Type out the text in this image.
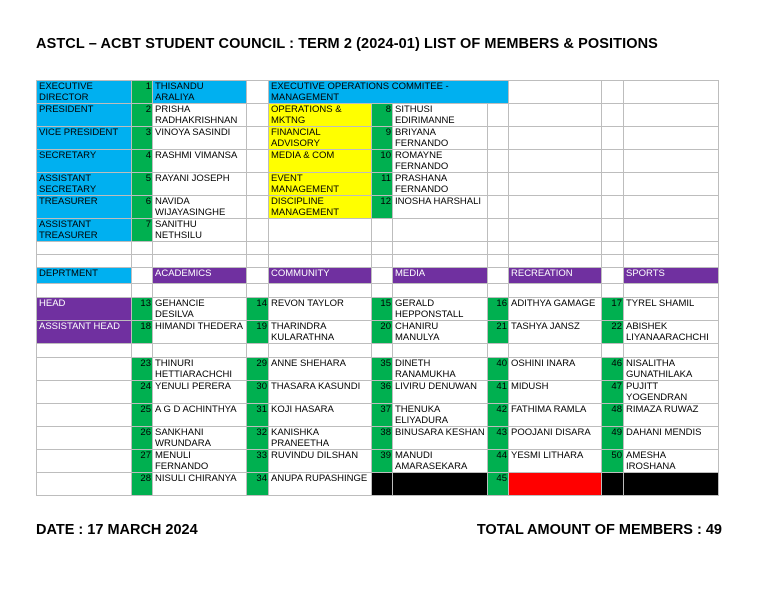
ASTCL – ACBT STUDENT COUNCIL : TERM 2 (2024-01) LIST OF MEMBERS & POSITIONS
EXECUTIVE DIRECTOR	1	THISANDU ARALIYA		EXECUTIVE OPERATIONS COMMITEE - MANAGEMENT						
PRESIDENT	2	PRISHA RADHAKRISHNAN		OPERATIONS & MKTNG	8	SITHUSI EDIRIMANNE				
VICE PRESIDENT	3	VINOYA SASINDI		FINANCIAL ADVISORY	9	BRIYANA FERNANDO				
SECRETARY	4	RASHMI VIMANSA		MEDIA & COM	10	ROMAYNE FERNANDO				
ASSISTANT SECRETARY	5	RAYANI JOSEPH		EVENT MANAGEMENT	11	PRASHANA FERNANDO				
TREASURER	6	NAVIDA WIJAYASINGHE		DISCIPLINE MANAGEMENT	12	INOSHA HARSHALI				
ASSISTANT TREASURER	7	SANITHU NETHSILU								

DEPRTMENT		ACADEMICS		COMMUNITY		MEDIA		RECREATION		SPORTS

HEAD	13	GEHANCIE DESILVA	14	REVON TAYLOR	15	GERALD HEPPONSTALL	16	ADITHYA GAMAGE	17	TYREL SHAMIL
ASSISTANT HEAD	18	HIMANDI THEDERA	19	THARINDRA KULARATHNA	20	CHANIRU MANULYA	21	TASHYA JANSZ	22	ABISHEK LIYANAARACHCHI

	23	THINURI HETTIARACHCHI	29	ANNE SHEHARA	35	DINETH RANAMUKHA	40	OSHINI INARA	46	NISALITHA GUNATHILAKA
	24	YENULI PERERA	30	THASARA KASUNDI	36	LIVIRU DENUWAN	41	MIDUSH	47	PUJITT YOGENDRAN
	25	A G D ACHINTHYA	31	KOJI HASARA	37	THENUKA ELIYADURA	42	FATHIMA RAMLA	48	RIMAZA RUWAZ
	26	SANKHANI WRUNDARA	32	KANISHKA PRANEETHA	38	BINUSARA KESHAN	43	POOJANI DISARA	49	DAHANI MENDIS
	27	MENULI FERNANDO	33	RUVINDU DILSHAN	39	MANUDI AMARASEKARA	44	YESMI LITHARA	50	AMESHA IROSHANA
	28	NISULI CHIRANYA	34	ANUPA RUPASHINGE			45			
DATE : 17 MARCH 2024	TOTAL AMOUNT OF MEMBERS : 49
